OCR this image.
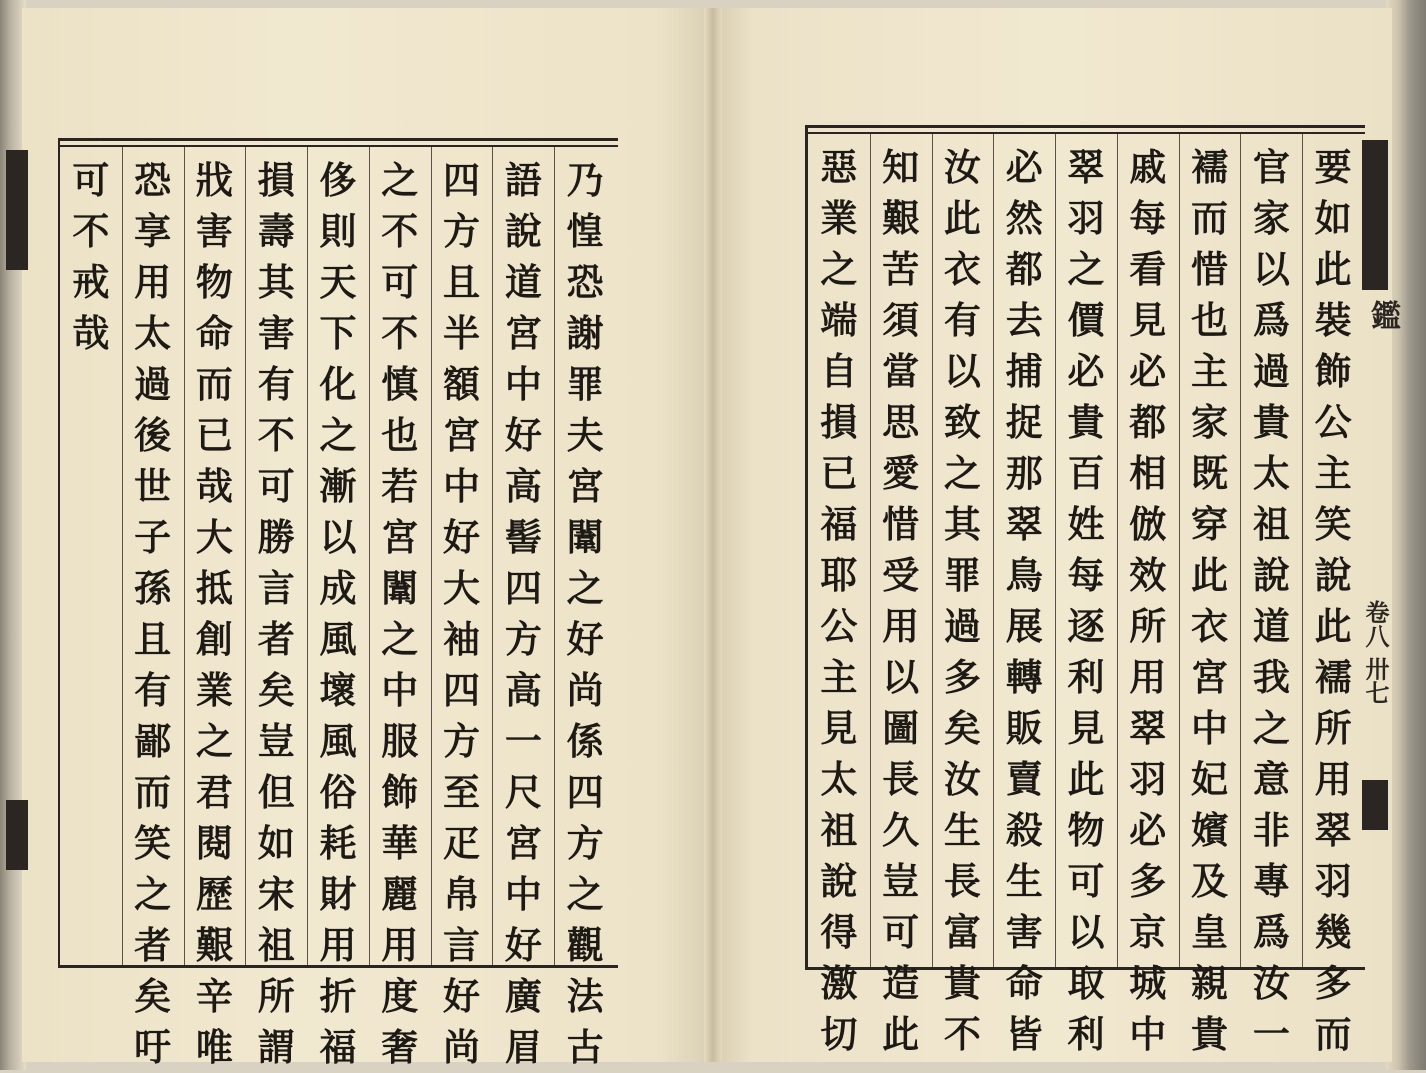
乃
惶
恐
謝
罪
夫
宮
闈
之
好
尚
係
四
方
之
觀
法
古
語
說
道
宮
中
好
高
髻
四
方
高
一
尺
宮
中
好
廣
眉
四
方
且
半
額
宮
中
好
大
袖
四
方
至
疋
帛
言
好
尚
之
不
可
不
慎
也
若
宮
闈
之
中
服
飾
華
麗
用
度
奢
侈
則
天
下
化
之
漸
以
成
風
壞
風
俗
耗
財
用
折
福
損
壽
其
害
有
不
可
勝
言
者
矣
豈
但
如
宋
祖
所
謂
戕
害
物
命
而
已
哉
大
抵
創
業
之
君
閱
歷
艱
辛
唯
恐
享
用
太
過
後
世
子
孫
且
有
鄙
而
笑
之
者
矣
吁
可
不
戒
哉
要
如
此
裝
飾
公
主
笑
說
此
襦
所
用
翠
羽
幾
多
而
官
家
以
爲
過
貴
太
祖
說
道
我
之
意
非
專
爲
汝
一
襦
而
惜
也
主
家
既
穿
此
衣
宮
中
妃
嬪
及
皇
親
貴
戚
每
看
見
必
都
相
倣
效
所
用
翠
羽
必
多
京
城
中
翠
羽
之
價
必
貴
百
姓
每
逐
利
見
此
物
可
以
取
利
必
然
都
去
捕
捉
那
翠
鳥
展
轉
販
賣
殺
生
害
命
皆
汝
此
衣
有
以
致
之
其
罪
過
多
矣
汝
生
長
富
貴
不
知
艱
苦
須
當
思
愛
惜
受
用
以
圖
長
久
豈
可
造
此
惡
業
之
端
自
損
已
福
耶
公
主
見
太
祖
說
得
激
切
鑑
卷八 卅七
